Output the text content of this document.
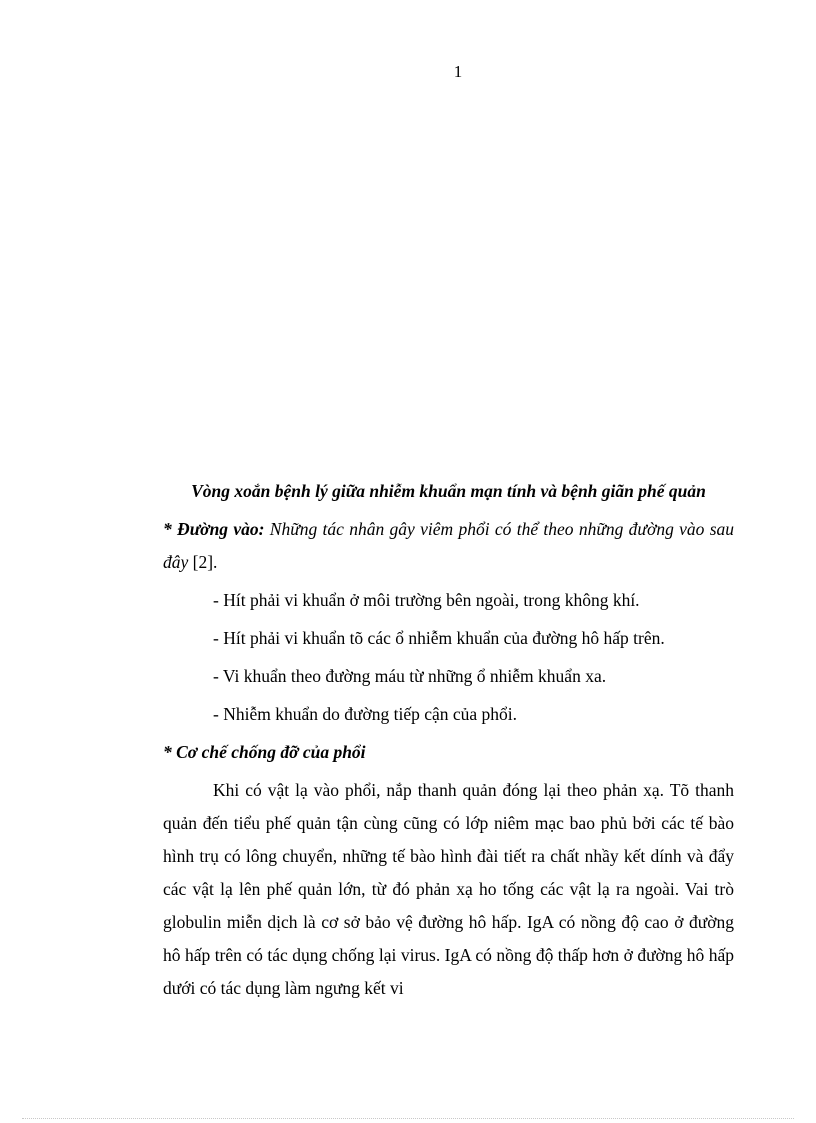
1

Vòng xoắn bệnh lý giữa nhiễm khuẩn mạn tính và bệnh giãn phế quản

* Đường vào: Những tác nhân gây viêm phổi có thể theo những đường vào sau đây [2].

- Hít phải vi khuẩn ở môi trường bên ngoài, trong không khí.

- Hít phải vi khuẩn tõ các ổ nhiễm khuẩn của đường hô hấp trên.

- Vi khuẩn theo đường máu từ những ổ nhiễm khuẩn xa.

- Nhiễm khuẩn do đường tiếp cận của phổi.

* Cơ chế chống đỡ của phổi

Khi có vật lạ vào phổi, nắp thanh quản đóng lại theo phản xạ. Tõ thanh quản đến tiểu phế quản tận cùng cũng có lớp niêm mạc bao phủ bởi các tế bào hình trụ có lông chuyển, những tế bào hình đài tiết ra chất nhầy kết dính và đẩy các vật lạ lên phế quản lớn, từ đó phản xạ ho tống các vật lạ ra ngoài. Vai trò globulin miễn dịch là cơ sở bảo vệ đường hô hấp. IgA có nồng độ cao ở đường hô hấp trên có tác dụng chống lại virus. IgA có nồng độ thấp hơn ở đường hô hấp dưới có tác dụng làm ngưng kết vi
